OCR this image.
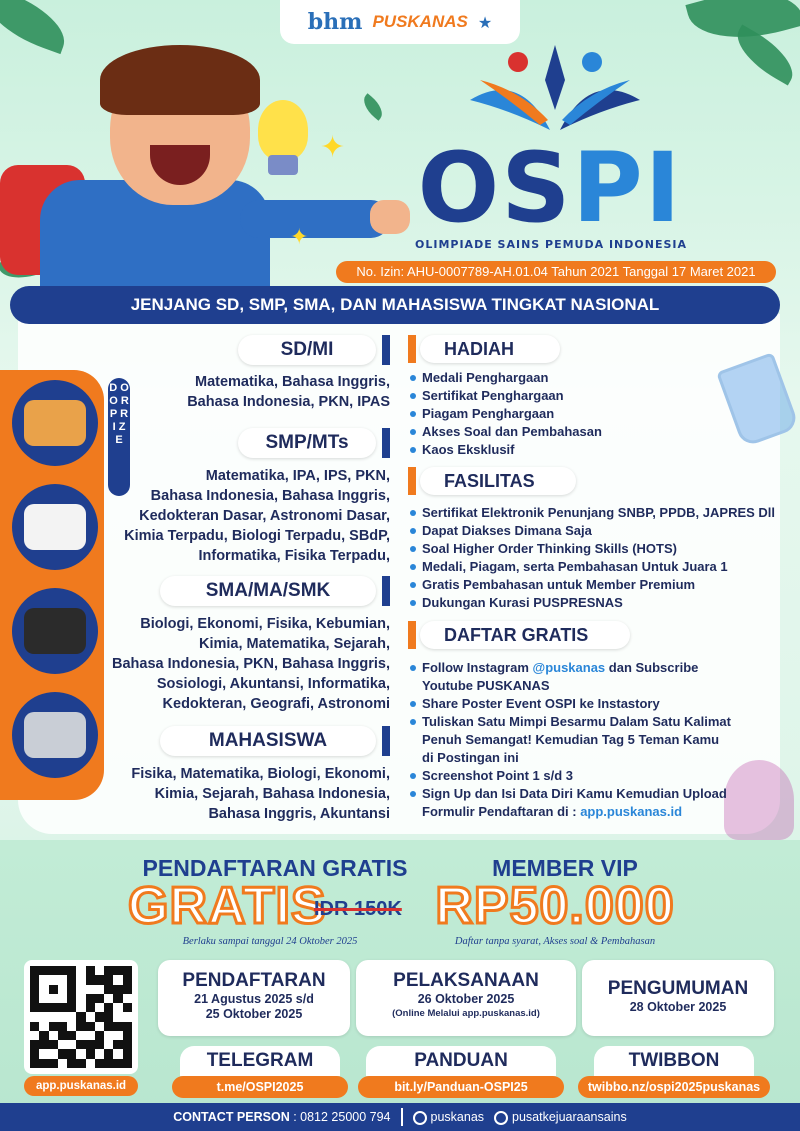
bhm PUSKANAS ★
✦
✦ OSPI
OLIMPIADE SAINS PEMUDA INDONESIA
No. Izin: AHU-0007789-AH.01.04 Tahun 2021 Tanggal 17 Maret 2021
JENJANG SD, SMP, SMA, DAN MAHASISWA TINGKAT NASIONAL
D O O R P R I Z E
SD/MI
Matematika, Bahasa Inggris,
Bahasa Indonesia, PKN, IPAS
SMP/MTs
Matematika, IPA, IPS, PKN,
Bahasa Indonesia, Bahasa Inggris,
Kedokteran Dasar, Astronomi Dasar,
Kimia Terpadu, Biologi Terpadu, SBdP,
Informatika, Fisika Terpadu,
SMA/MA/SMK
Biologi, Ekonomi, Fisika, Kebumian,
Kimia, Matematika, Sejarah,
Bahasa Indonesia, PKN, Bahasa Inggris,
Sosiologi, Akuntansi, Informatika,
Kedokteran, Geografi, Astronomi
MAHASISWA
Fisika, Matematika, Biologi, Ekonomi,
Kimia, Sejarah, Bahasa Indonesia,
Bahasa Inggris, Akuntansi
HADIAH
Medali Penghargaan
Sertifikat Penghargaan
Piagam Penghargaan
Akses Soal dan Pembahasan
Kaos Eksklusif
FASILITAS
Sertifikat Elektronik Penunjang SNBP, PPDB, JAPRES Dll
Dapat Diakses Dimana Saja
Soal Higher Order Thinking Skills (HOTS)
Medali, Piagam, serta Pembahasan Untuk Juara 1
Gratis Pembahasan untuk Member Premium
Dukungan Kurasi PUSPRESNAS
DAFTAR GRATIS
Follow Instagram @puskanas dan Subscribe
Youtube PUSKANAS
Share Poster Event OSPI ke Instastory
Tuliskan Satu Mimpi Besarmu Dalam Satu Kalimat
Penuh Semangat! Kemudian Tag 5 Teman Kamu
di Postingan ini
Screenshot Point 1 s/d 3
Sign Up dan Isi Data Diri Kamu Kemudian Upload
Formulir Pendaftaran di : app.puskanas.id
PENDAFTARAN GRATIS
GRATIS
IDR 150K
Berlaku sampai tanggal 24 Oktober 2025
MEMBER VIP
RP50.000
Daftar tanpa syarat, Akses soal & Pembahasan
app.puskanas.id
PENDAFTARAN
21 Agustus 2025 s/d
25 Oktober 2025
PELAKSANAAN
26 Oktober 2025
(Online Melalui app.puskanas.id)
PENGUMUMAN
28 Oktober 2025
TELEGRAM
t.me/OSPI2025
PANDUAN
bit.ly/Panduan-OSPI25
TWIBBON
twibbo.nz/ospi2025puskanas
CONTACT PERSON : 0812 25000 794	puskanas	pusatkejuaraansains
